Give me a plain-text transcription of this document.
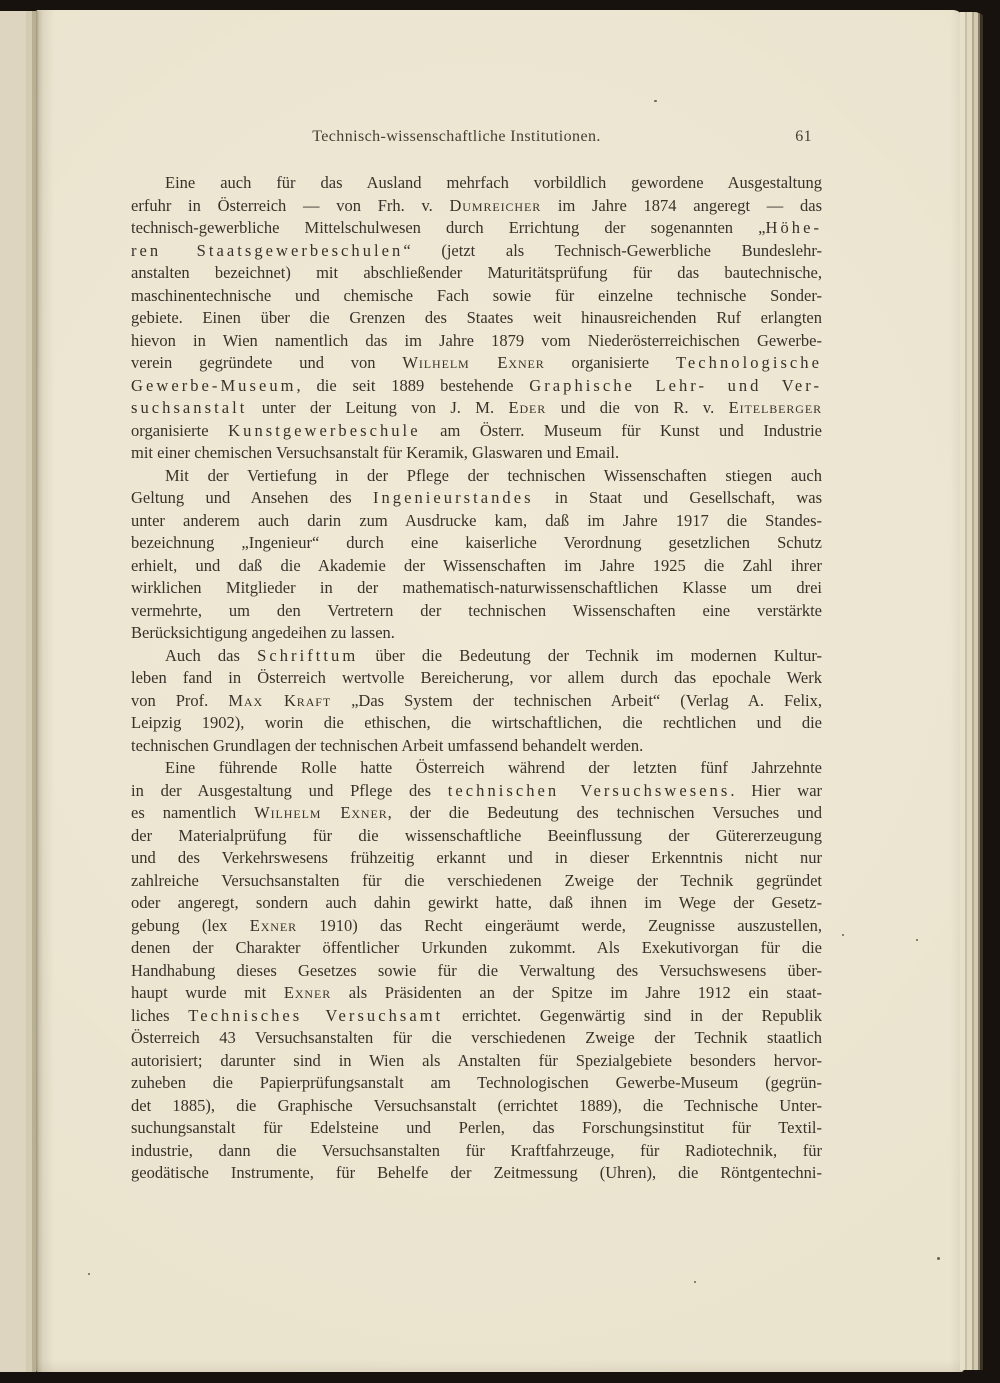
Technisch-wissenschaftliche Institutionen.	61
Eine auch für das Ausland mehrfach vorbildlich gewordene Ausgestaltung
erfuhr in Österreich — von Frh. v. Dumreicher im Jahre 1874 angeregt — das
technisch-gewerbliche Mittelschulwesen durch Errichtung der sogenannten „Höhe-
ren Staatsgewerbeschulen“ (jetzt als Technisch-Gewerbliche Bundeslehr-
anstalten bezeichnet) mit abschließender Maturitätsprüfung für das bautechnische,
maschinentechnische und chemische Fach sowie für einzelne technische Sonder-
gebiete. Einen über die Grenzen des Staates weit hinausreichenden Ruf erlangten
hievon in Wien namentlich das im Jahre 1879 vom Niederösterreichischen Gewerbe-
verein gegründete und von Wilhelm Exner organisierte Technologische
Gewerbe-Museum, die seit 1889 bestehende Graphische Lehr- und Ver-
suchsanstalt unter der Leitung von J. M. Eder und die von R. v. Eitelberger
organisierte Kunstgewerbeschule am Österr. Museum für Kunst und Industrie
mit einer chemischen Versuchsanstalt für Keramik, Glaswaren und Email.
Mit der Vertiefung in der Pflege der technischen Wissenschaften stiegen auch
Geltung und Ansehen des Ingenieurstandes in Staat und Gesellschaft, was
unter anderem auch darin zum Ausdrucke kam, daß im Jahre 1917 die Standes-
bezeichnung „Ingenieur“ durch eine kaiserliche Verordnung gesetzlichen Schutz
erhielt, und daß die Akademie der Wissenschaften im Jahre 1925 die Zahl ihrer
wirklichen Mitglieder in der mathematisch-naturwissenschaftlichen Klasse um drei
vermehrte, um den Vertretern der technischen Wissenschaften eine verstärkte
Berücksichtigung angedeihen zu lassen.
Auch das Schrifttum über die Bedeutung der Technik im modernen Kultur-
leben fand in Österreich wertvolle Bereicherung, vor allem durch das epochale Werk
von Prof. Max Kraft „Das System der technischen Arbeit“ (Verlag A. Felix,
Leipzig 1902), worin die ethischen, die wirtschaftlichen, die rechtlichen und die
technischen Grundlagen der technischen Arbeit umfassend behandelt werden.
Eine führende Rolle hatte Österreich während der letzten fünf Jahrzehnte
in der Ausgestaltung und Pflege des technischen Versuchswesens. Hier war
es namentlich Wilhelm Exner, der die Bedeutung des technischen Versuches und
der Materialprüfung für die wissenschaftliche Beeinflussung der Gütererzeugung
und des Verkehrswesens frühzeitig erkannt und in dieser Erkenntnis nicht nur
zahlreiche Versuchsanstalten für die verschiedenen Zweige der Technik gegründet
oder angeregt, sondern auch dahin gewirkt hatte, daß ihnen im Wege der Gesetz-
gebung (lex Exner 1910) das Recht eingeräumt werde, Zeugnisse auszustellen,
denen der Charakter öffentlicher Urkunden zukommt. Als Exekutivorgan für die
Handhabung dieses Gesetzes sowie für die Verwaltung des Versuchswesens über-
haupt wurde mit Exner als Präsidenten an der Spitze im Jahre 1912 ein staat-
liches Technisches Versuchsamt errichtet. Gegenwärtig sind in der Republik
Österreich 43 Versuchsanstalten für die verschiedenen Zweige der Technik staatlich
autorisiert; darunter sind in Wien als Anstalten für Spezialgebiete besonders hervor-
zuheben die Papierprüfungsanstalt am Technologischen Gewerbe-Museum (gegrün-
det 1885), die Graphische Versuchsanstalt (errichtet 1889), die Technische Unter-
suchungsanstalt für Edelsteine und Perlen, das Forschungsinstitut für Textil-
industrie, dann die Versuchsanstalten für Kraftfahrzeuge, für Radiotechnik, für
geodätische Instrumente, für Behelfe der Zeitmessung (Uhren), die Röntgentechni-
